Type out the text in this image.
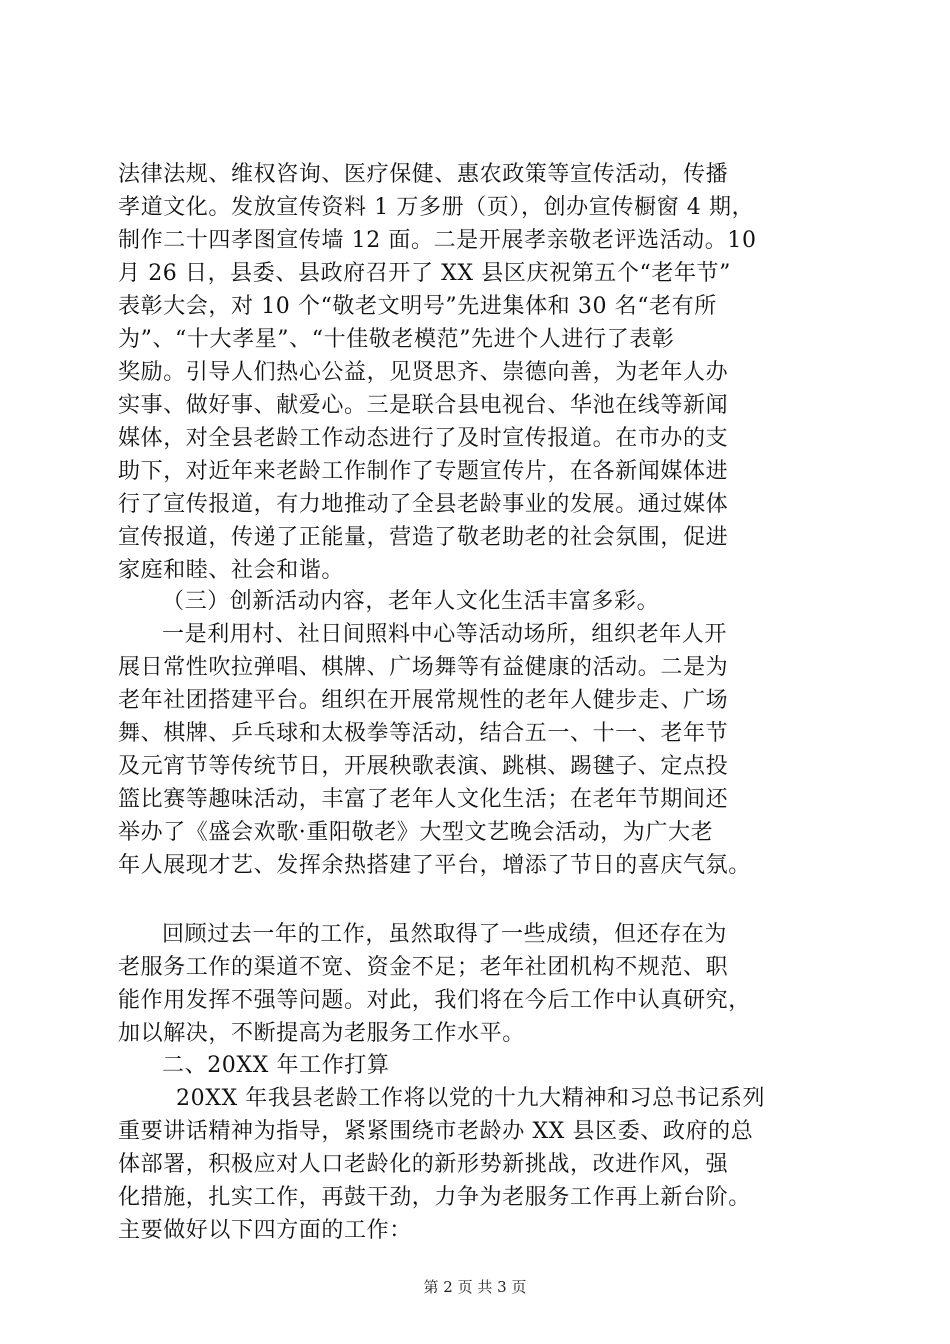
法律法规、维权咨询、医疗保健、惠农政策等宣传活动，传播
孝道文化。发放宣传资料 1 万多册（页），创办宣传橱窗 4 期，
制作二十四孝图宣传墙 12 面。二是开展孝亲敬老评选活动。10
月 26 日，县委、县政府召开了 XX 县区庆祝第五个“老年节”
表彰大会，对 10 个“敬老文明号”先进集体和 30 名“老有所
为”、“十大孝星”、“十佳敬老模范”先进个人进行了表彰
奖励。引导人们热心公益，见贤思齐、崇德向善，为老年人办
实事、做好事、献爱心。三是联合县电视台、华池在线等新闻
媒体，对全县老龄工作动态进行了及时宣传报道。在市办的支
助下，对近年来老龄工作制作了专题宣传片，在各新闻媒体进
行了宣传报道，有力地推动了全县老龄事业的发展。通过媒体
宣传报道，传递了正能量，营造了敬老助老的社会氛围，促进
家庭和睦、社会和谐。
（三）创新活动内容，老年人文化生活丰富多彩。
一是利用村、社日间照料中心等活动场所，组织老年人开
展日常性吹拉弹唱、棋牌、广场舞等有益健康的活动。二是为
老年社团搭建平台。组织在开展常规性的老年人健步走、广场
舞、棋牌、乒乓球和太极拳等活动，结合五一、十一、老年节
及元宵节等传统节日，开展秧歌表演、跳棋、踢毽子、定点投
篮比赛等趣味活动，丰富了老年人文化生活；在老年节期间还
举办了《盛会欢歌·重阳敬老》大型文艺晚会活动，为广大老
年人展现才艺、发挥余热搭建了平台，增添了节日的喜庆气氛。
回顾过去一年的工作，虽然取得了一些成绩，但还存在为
老服务工作的渠道不宽、资金不足；老年社团机构不规范、职
能作用发挥不强等问题。对此，我们将在今后工作中认真研究，
加以解决，不断提高为老服务工作水平。
二、20XX 年工作打算
20XX 年我县老龄工作将以党的十九大精神和习总书记系列
重要讲话精神为指导，紧紧围绕市老龄办 XX 县区委、政府的总
体部署，积极应对人口老龄化的新形势新挑战，改进作风，强
化措施，扎实工作，再鼓干劲，力争为老服务工作再上新台阶。
主要做好以下四方面的工作：
第 2 页 共 3 页
